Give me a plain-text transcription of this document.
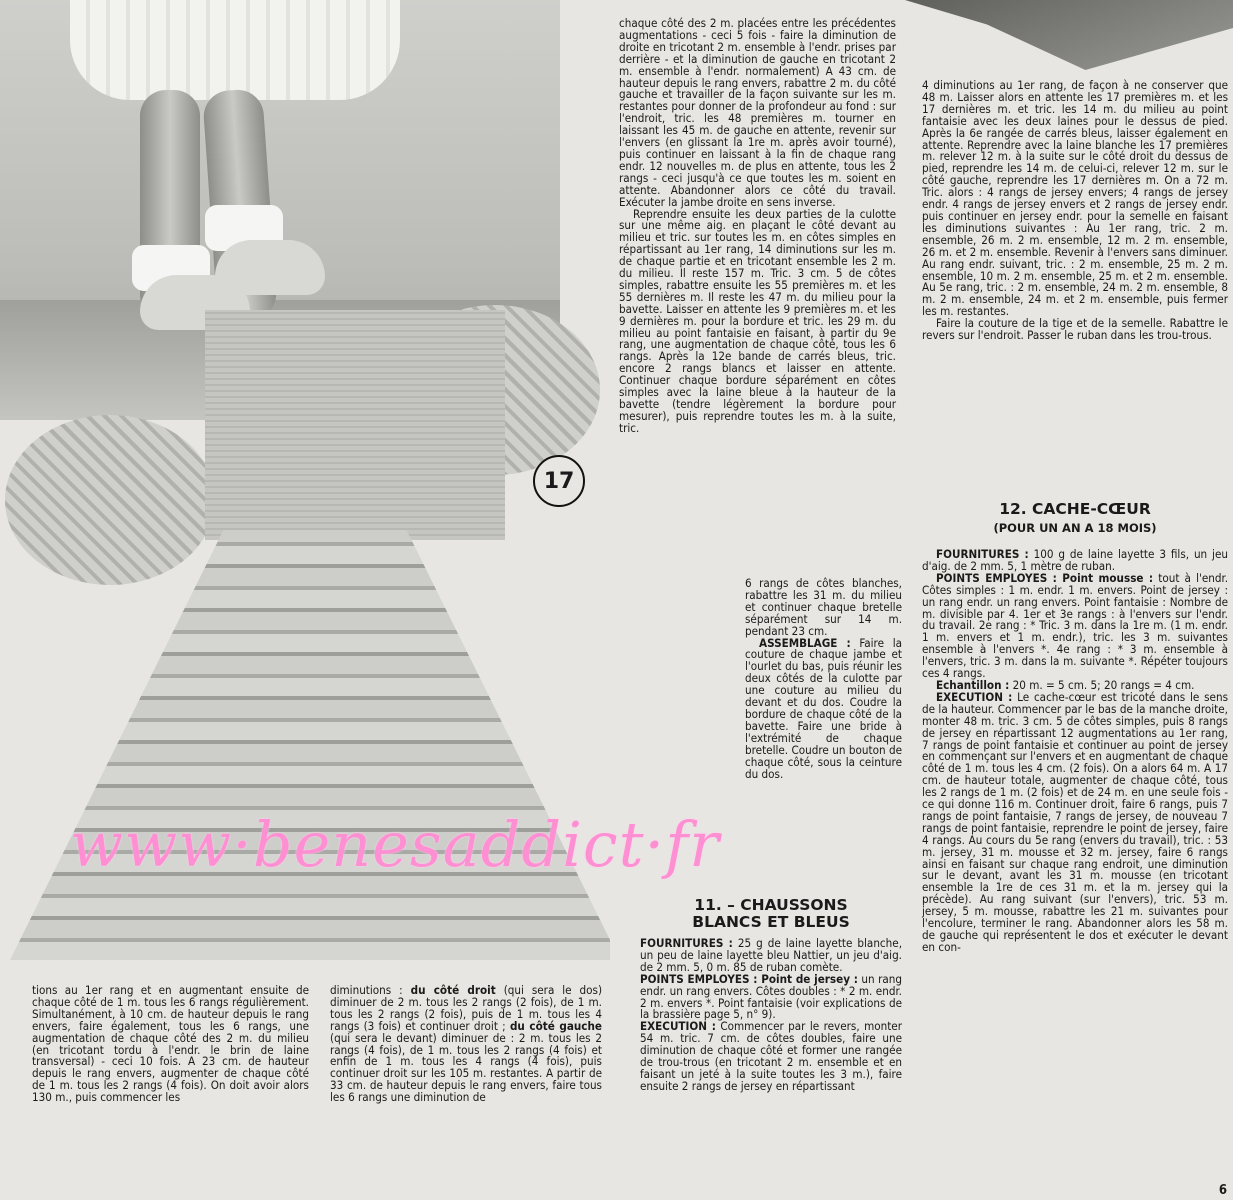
17

chaque côté des 2 m. placées entre les précédentes augmentations - ceci 5 fois - faire la diminution de droite en tricotant 2 m. ensemble à l'endr. prises par derrière - et la diminution de gauche en tricotant 2 m. ensemble à l'endr. normalement) A 43 cm. de hauteur depuis le rang envers, rabattre 2 m. du côté gauche et travailler de la façon suivante sur les m. restantes pour donner de la profondeur au fond : sur l'endroit, tric. les 48 premières m. tourner en laissant les 45 m. de gauche en attente, revenir sur l'envers (en glissant la 1re m. après avoir tourné), puis continuer en laissant à la fin de chaque rang endr. 12 nouvelles m. de plus en attente, tous les 2 rangs - ceci jusqu'à ce que toutes les m. soient en attente. Abandonner alors ce côté du travail. Exécuter la jambe droite en sens inverse.

Reprendre ensuite les deux parties de la culotte sur une même aig. en plaçant le côté devant au milieu et tric. sur toutes les m. en côtes simples en répartissant au 1er rang, 14 diminutions sur les m. de chaque partie et en tricotant ensemble les 2 m. du milieu. Il reste 157 m. Tric. 3 cm. 5 de côtes simples, rabattre ensuite les 55 premières m. et les 55 dernières m. Il reste les 47 m. du milieu pour la bavette. Laisser en attente les 9 premières m. et les 9 dernières m. pour la bordure et tric. les 29 m. du milieu au point fantaisie en faisant, à partir du 9e rang, une augmentation de chaque côté, tous les 6 rangs. Après la 12e bande de carrés bleus, tric. encore 2 rangs blancs et laisser en attente. Continuer chaque bordure séparément en côtes simples avec la laine bleue à la hauteur de la bavette (tendre légèrement la bordure pour mesurer), puis reprendre toutes les m. à la suite, tric.

6 rangs de côtes blanches, rabattre les 31 m. du milieu et continuer chaque bretelle séparément sur 14 m. pendant 23 cm.

ASSEMBLAGE : Faire la couture de chaque jambe et l'ourlet du bas, puis réunir les deux côtés de la culotte par une couture au milieu du devant et du dos. Coudre la bordure de chaque côté de la bavette. Faire une bride à l'extrémité de chaque bretelle. Coudre un bouton de chaque côté, sous la ceinture du dos.

www·benesaddict·fr
11. – CHAUSSONS
BLANCS ET BLEUS

FOURNITURES : 25 g de laine layette blanche, un peu de laine layette bleu Nattier, un jeu d'aig. de 2 mm. 5, 0 m. 85 de ruban comète.

POINTS EMPLOYES : Point de jersey : un rang endr. un rang envers. Côtes doubles : * 2 m. endr. 2 m. envers *. Point fantaisie (voir explications de la brassière page 5, n° 9).

EXECUTION : Commencer par le revers, monter 54 m. tric. 7 cm. de côtes doubles, faire une diminution de chaque côté et former une rangée de trou-trous (en tricotant 2 m. ensemble et en faisant un jeté à la suite toutes les 3 m.), faire ensuite 2 rangs de jersey en répartissant

4 diminutions au 1er rang, de façon à ne conserver que 48 m. Laisser alors en attente les 17 premières m. et les 17 dernières m. et tric. les 14 m. du milieu au point fantaisie avec les deux laines pour le dessus de pied. Après la 6e rangée de carrés bleus, laisser également en attente. Reprendre avec la laine blanche les 17 premières m. relever 12 m. à la suite sur le côté droit du dessus de pied, reprendre les 14 m. de celui-ci, relever 12 m. sur le côté gauche, reprendre les 17 dernières m. On a 72 m. Tric. alors : 4 rangs de jersey envers; 4 rangs de jersey endr. 4 rangs de jersey envers et 2 rangs de jersey endr. puis continuer en jersey endr. pour la semelle en faisant les diminutions suivantes : Au 1er rang, tric. 2 m. ensemble, 26 m. 2 m. ensemble, 12 m. 2 m. ensemble, 26 m. et 2 m. ensemble. Revenir à l'envers sans diminuer. Au rang endr. suivant, tric. : 2 m. ensemble, 25 m. 2 m. ensemble, 10 m. 2 m. ensemble, 25 m. et 2 m. ensemble. Au 5e rang, tric. : 2 m. ensemble, 24 m. 2 m. ensemble, 8 m. 2 m. ensemble, 24 m. et 2 m. ensemble, puis fermer les m. restantes.

Faire la couture de la tige et de la semelle. Rabattre le revers sur l'endroit. Passer le ruban dans les trou-trous.

12. CACHE-CŒUR
(POUR UN AN A 18 MOIS)

FOURNITURES : 100 g de laine layette 3 fils, un jeu d'aig. de 2 mm. 5, 1 mètre de ruban.

POINTS EMPLOYES : Point mousse : tout à l'endr. Côtes simples : 1 m. endr. 1 m. envers. Point de jersey : un rang endr. un rang envers. Point fantaisie : Nombre de m. divisible par 4. 1er et 3e rangs : à l'envers sur l'endr. du travail. 2e rang : * Tric. 3 m. dans la 1re m. (1 m. endr. 1 m. envers et 1 m. endr.), tric. les 3 m. suivantes ensemble à l'envers *. 4e rang : * 3 m. ensemble à l'envers, tric. 3 m. dans la m. suivante *. Répéter toujours ces 4 rangs.

Echantillon : 20 m. = 5 cm. 5; 20 rangs = 4 cm.

EXECUTION : Le cache-cœur est tricoté dans le sens de la hauteur. Commencer par le bas de la manche droite, monter 48 m. tric. 3 cm. 5 de côtes simples, puis 8 rangs de jersey en répartissant 12 augmentations au 1er rang, 7 rangs de point fantaisie et continuer au point de jersey en commençant sur l'envers et en augmentant de chaque côté de 1 m. tous les 4 cm. (2 fois). On a alors 64 m. A 17 cm. de hauteur totale, augmenter de chaque côté, tous les 2 rangs de 1 m. (2 fois) et de 24 m. en une seule fois - ce qui donne 116 m. Continuer droit, faire 6 rangs, puis 7 rangs de point fantaisie, 7 rangs de jersey, de nouveau 7 rangs de point fantaisie, reprendre le point de jersey, faire 4 rangs. Au cours du 5e rang (envers du travail), tric. : 53 m. jersey, 31 m. mousse et 32 m. jersey, faire 6 rangs ainsi en faisant sur chaque rang endroit, une diminution sur le devant, avant les 31 m. mousse (en tricotant ensemble la 1re de ces 31 m. et la m. jersey qui la précède). Au rang suivant (sur l'envers), tric. 53 m. jersey, 5 m. mousse, rabattre les 21 m. suivantes pour l'encolure, terminer le rang. Abandonner alors les 58 m. de gauche qui représentent le dos et exécuter le devant en con-

tions au 1er rang et en augmentant ensuite de chaque côté de 1 m. tous les 6 rangs régulièrement. Simultanément, à 10 cm. de hauteur depuis le rang envers, faire également, tous les 6 rangs, une augmentation de chaque côté des 2 m. du milieu (en tricotant tordu à l'endr. le brin de laine transversal) - ceci 10 fois. A 23 cm. de hauteur depuis le rang envers, augmenter de chaque côté de 1 m. tous les 2 rangs (4 fois). On doit avoir alors 130 m., puis commencer les

diminutions : du côté droit (qui sera le dos) diminuer de 2 m. tous les 2 rangs (2 fois), de 1 m. tous les 2 rangs (2 fois), puis de 1 m. tous les 4 rangs (3 fois) et continuer droit ; du côté gauche (qui sera le devant) diminuer de : 2 m. tous les 2 rangs (4 fois), de 1 m. tous les 2 rangs (4 fois) et enfin de 1 m. tous les 4 rangs (4 fois), puis continuer droit sur les 105 m. restantes. A partir de 33 cm. de hauteur depuis le rang envers, faire tous les 6 rangs une diminution de

6
